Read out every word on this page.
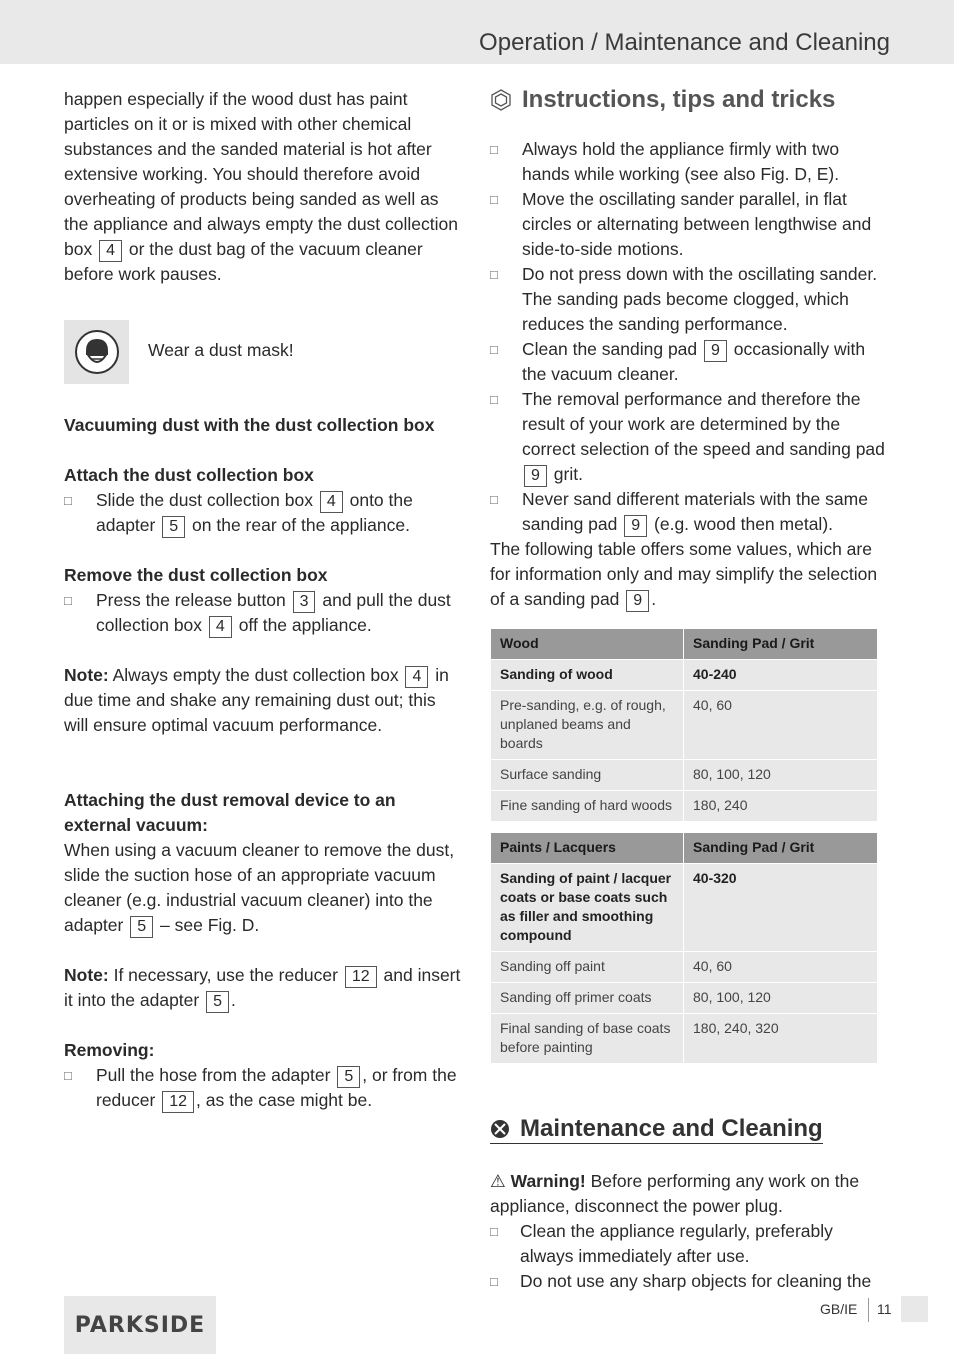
Operation / Maintenance and Cleaning

happen especially if the wood dust has paint particles on it or is mixed with other chemical substances and the sanded material is hot after extensive working. You should therefore avoid overheating of products being sanded as well as the appliance and always empty the dust collection box 4 or the dust bag of the vacuum cleaner before work pauses.

Wear a dust mask!

Vacuuming dust with the dust collection box

Attach the dust collection box

□ Slide the dust collection box 4 onto the adapter 5 on the rear of the appliance.

Remove the dust collection box

□ Press the release button 3 and pull the dust collection box 4 off the appliance.

Note: Always empty the dust collection box 4 in due time and shake any remaining dust out; this will ensure optimal vacuum performance.

Attaching the dust removal device to an external vacuum:

When using a vacuum cleaner to remove the dust, slide the suction hose of an appropriate vacuum cleaner (e.g. industrial vacuum cleaner) into the adapter 5 – see Fig. D.

Note: If necessary, use the reducer 12 and insert it into the adapter 5 .

Removing:

□ Pull the hose from the adapter 5 , or from the reducer 12 , as the case might be.

Instructions, tips and tricks

□ Always hold the appliance firmly with two hands while working (see also Fig. D, E).

□ Move the oscillating sander parallel, in flat circles or alternating between lengthwise and side-to-side motions.

□ Do not press down with the oscillating sander. The sanding pads become clogged, which reduces the sanding performance.

□ Clean the sanding pad 9 occasionally with the vacuum cleaner.

□ The removal performance and therefore the result of your work are determined by the correct selection of the speed and sanding pad 9 grit.

□ Never sand different materials with the same sanding pad 9 (e.g. wood then metal).

The following table offers some values, which are for information only and may simplify the selection of a sanding pad 9 .

Wood	Sanding Pad / Grit
Sanding of wood	40-240
Pre-sanding, e.g. of rough, unplaned beams and boards	40, 60
Surface sanding	80, 100, 120
Fine sanding of hard woods	180, 240

Paints / Lacquers	Sanding Pad / Grit
Sanding of paint / lacquer coats or base coats such as filler and smoothing compound	40-320
Sanding off paint	40, 60
Sanding off primer coats	80, 100, 120
Final sanding of base coats before painting	180, 240, 320
Maintenance and Cleaning

⚠ Warning! Before performing any work on the appliance, disconnect the power plug.

□ Clean the appliance regularly, preferably always immediately after use.

□ Do not use any sharp objects for cleaning the

PARKSIDE
GB/IE 11
